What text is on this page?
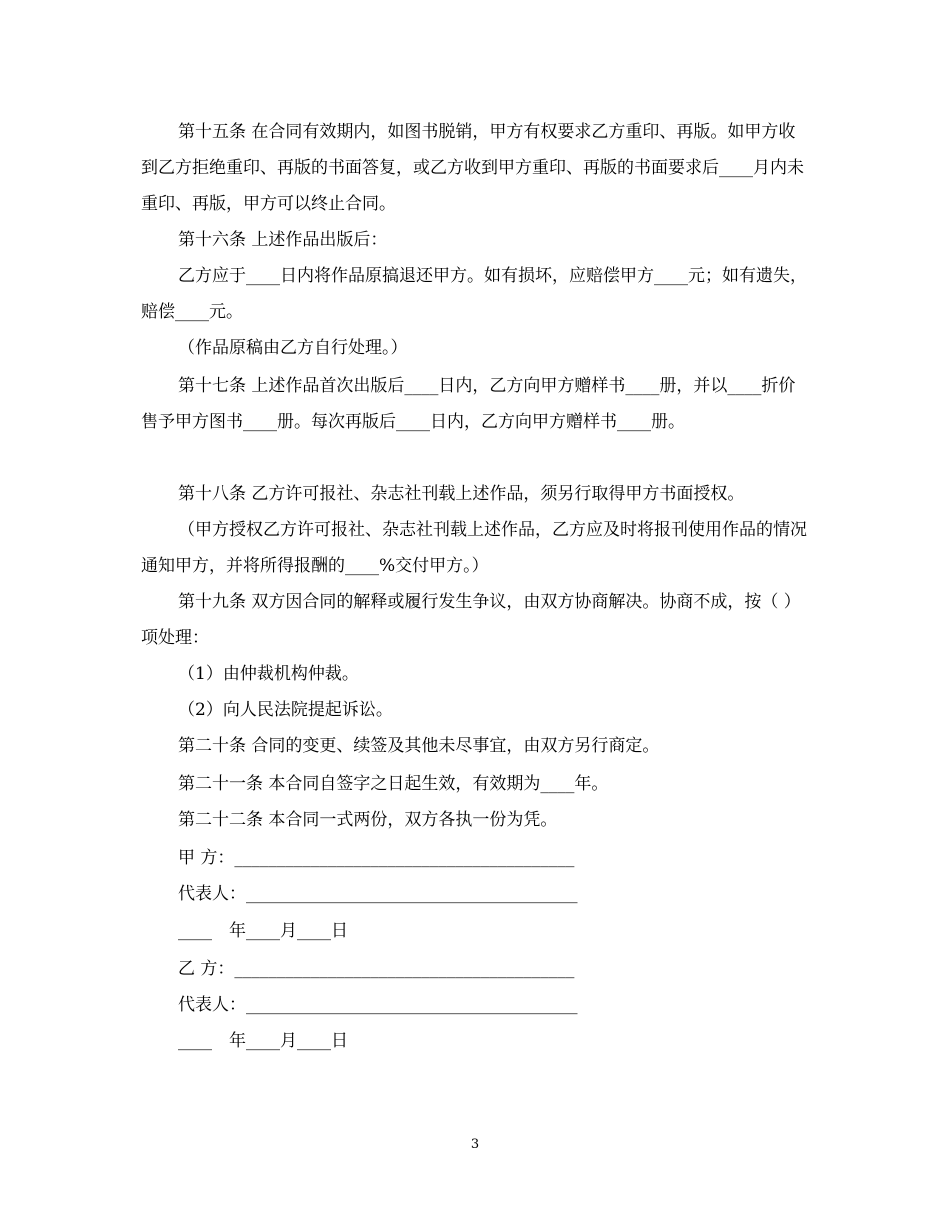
第十五条 在合同有效期内，如图书脱销，甲方有权要求乙方重印、再版。如甲方收到乙方拒绝重印、再版的书面答复，或乙方收到甲方重印、再版的书面要求后____月内未重印、再版，甲方可以终止合同。

第十六条 上述作品出版后：

乙方应于____日内将作品原搞退还甲方。如有损坏，应赔偿甲方____元；如有遗失，赔偿____元。

（作品原稿由乙方自行处理。）

第十七条 上述作品首次出版后____日内，乙方向甲方赠样书____册，并以____折价售予甲方图书____册。每次再版后____日内，乙方向甲方赠样书____册。

第十八条 乙方许可报社、杂志社刊载上述作品，须另行取得甲方书面授权。

（甲方授权乙方许可报社、杂志社刊载上述作品，乙方应及时将报刊使用作品的情况通知甲方，并将所得报酬的____%交付甲方。）

第十九条 双方因合同的解释或履行发生争议，由双方协商解决。协商不成，按（ ）项处理：

（1）由仲裁机构仲裁。

（2）向人民法院提起诉讼。

第二十条 合同的变更、续签及其他未尽事宜，由双方另行商定。

第二十一条 本合同自签字之日起生效，有效期为____年。

第二十二条 本合同一式两份，双方各执一份为凭。

甲 方：________________________________________
代表人：_______________________________________
____　年____月____日
乙 方：________________________________________
代表人：_______________________________________
____　年____月____日
3
